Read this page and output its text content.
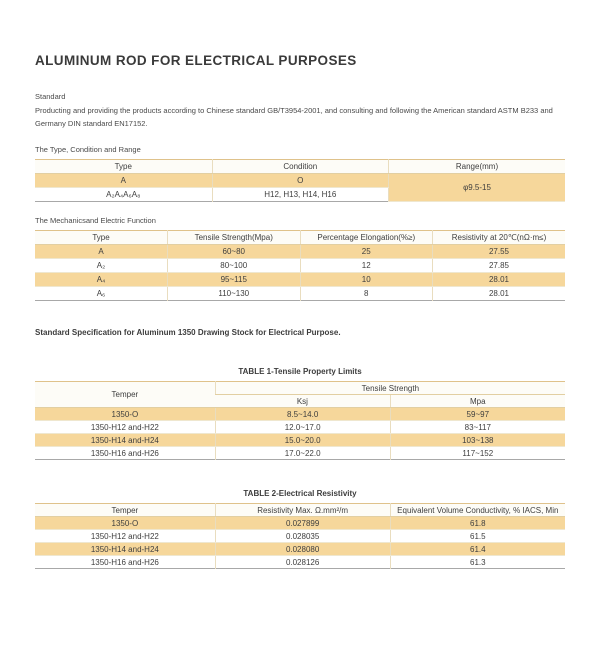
ALUMINUM ROD FOR ELECTRICAL PURPOSES
Standard
Producting and providing the products according to Chinese standard GB/T3954-2001, and consulting and following the American standard ASTM B233 and Germany DIN standard EN17152.
The Type, Condition and Range
Type	Condition	Range(mm)
A	O	φ9.5-15
A₂A₄A₆A₈	H12, H13, H14, H16	
The Mechanicsand Electric Function
Type	Tensile Strength(Mpa)	Percentage Elongation(%≥)	Resistivity at 20℃(nΩ·m≤)
A	60~80	25	27.55
A₂	80~100	12	27.85
A₄	95~115	10	28.01
A₆	110~130	8	28.01
Standard Specification for Aluminum 1350 Drawing Stock for Electrical Purpose.
TABLE 1-Tensile Property Limits
Temper	Tensile Strength	
	Ksj	Mpa
1350-O	8.5~14.0	59~97
1350-H12 and-H22	12.0~17.0	83~117
1350-H14 and-H24	15.0~20.0	103~138
1350-H16 and-H26	17.0~22.0	117~152
TABLE 2-Electrical Resistivity
Temper	Resistivity Max. Ω.mm²/m	Equivalent Volume Conductivity, % IACS, Min
1350-O	0.027899	61.8
1350-H12 and-H22	0.028035	61.5
1350-H14 and-H24	0.028080	61.4
1350-H16 and-H26	0.028126	61.3
